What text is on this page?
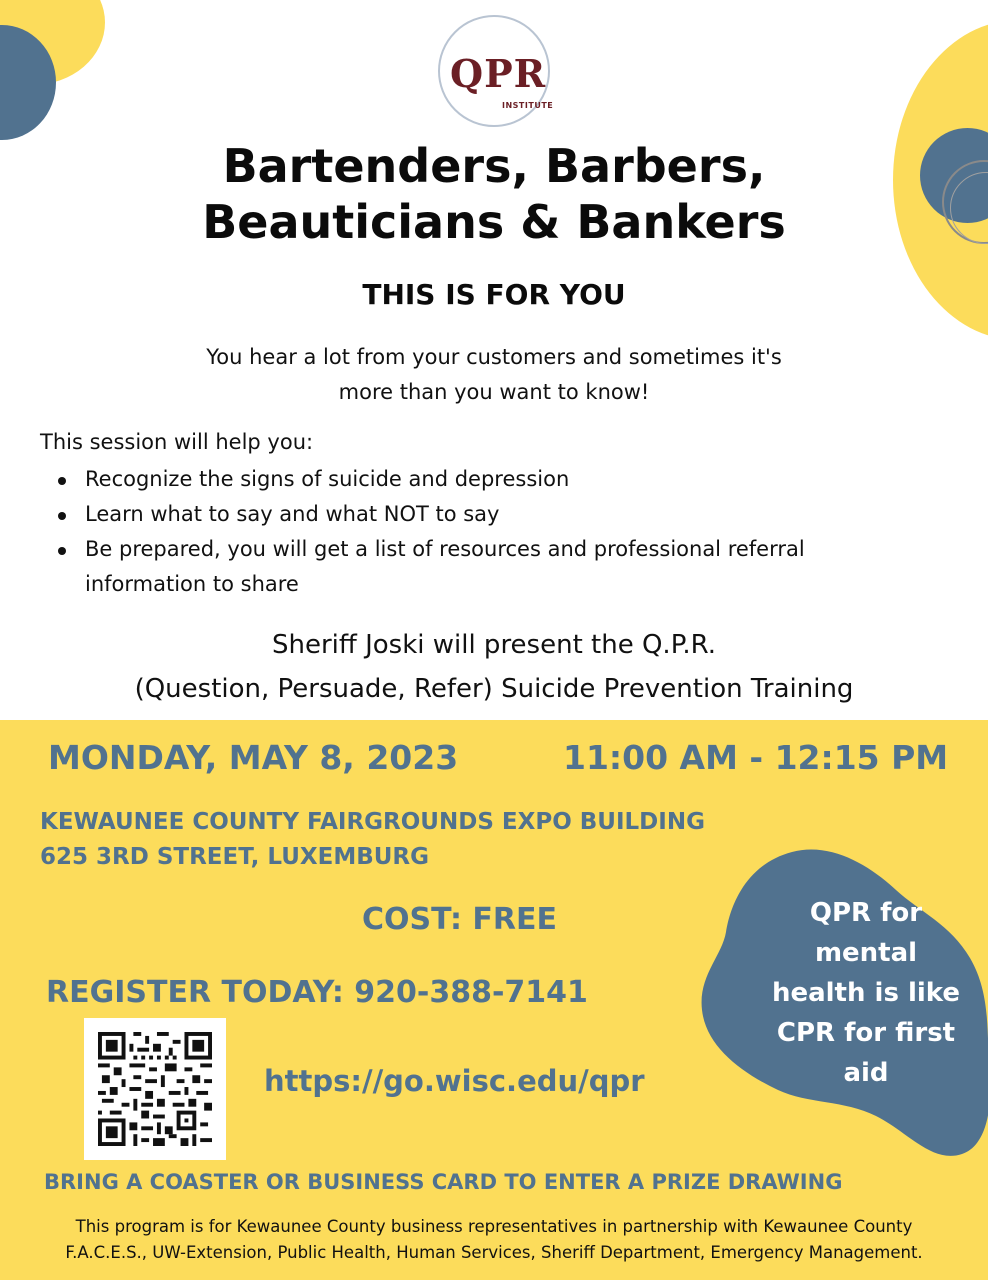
QPR
INSTITUTE
Bartenders, Barbers,
Beauticians & Bankers
THIS IS FOR YOU
You hear a lot from your customers and sometimes it's
more than you want to know!
This session will help you:
Recognize the signs of suicide and depression
Learn what to say and what NOT to say
Be prepared, you will get a list of resources and professional referral information to share
Sheriff Joski will present the Q.P.R.
(Question, Persuade, Refer) Suicide Prevention Training
MONDAY, MAY 8, 2023	11:00 AM - 12:15 PM
KEWAUNEE COUNTY FAIRGROUNDS EXPO BUILDING
625 3RD STREET, LUXEMBURG
COST: FREE
REGISTER TODAY: 920-388-7141
https://go.wisc.edu/qpr
BRING A COASTER OR BUSINESS CARD TO ENTER A PRIZE DRAWING
QPR for
mental
health is like
CPR for first
aid
This program is for Kewaunee County business representatives in partnership with Kewaunee County
F.A.C.E.S., UW-Extension, Public Health, Human Services, Sheriff Department, Emergency Management.
